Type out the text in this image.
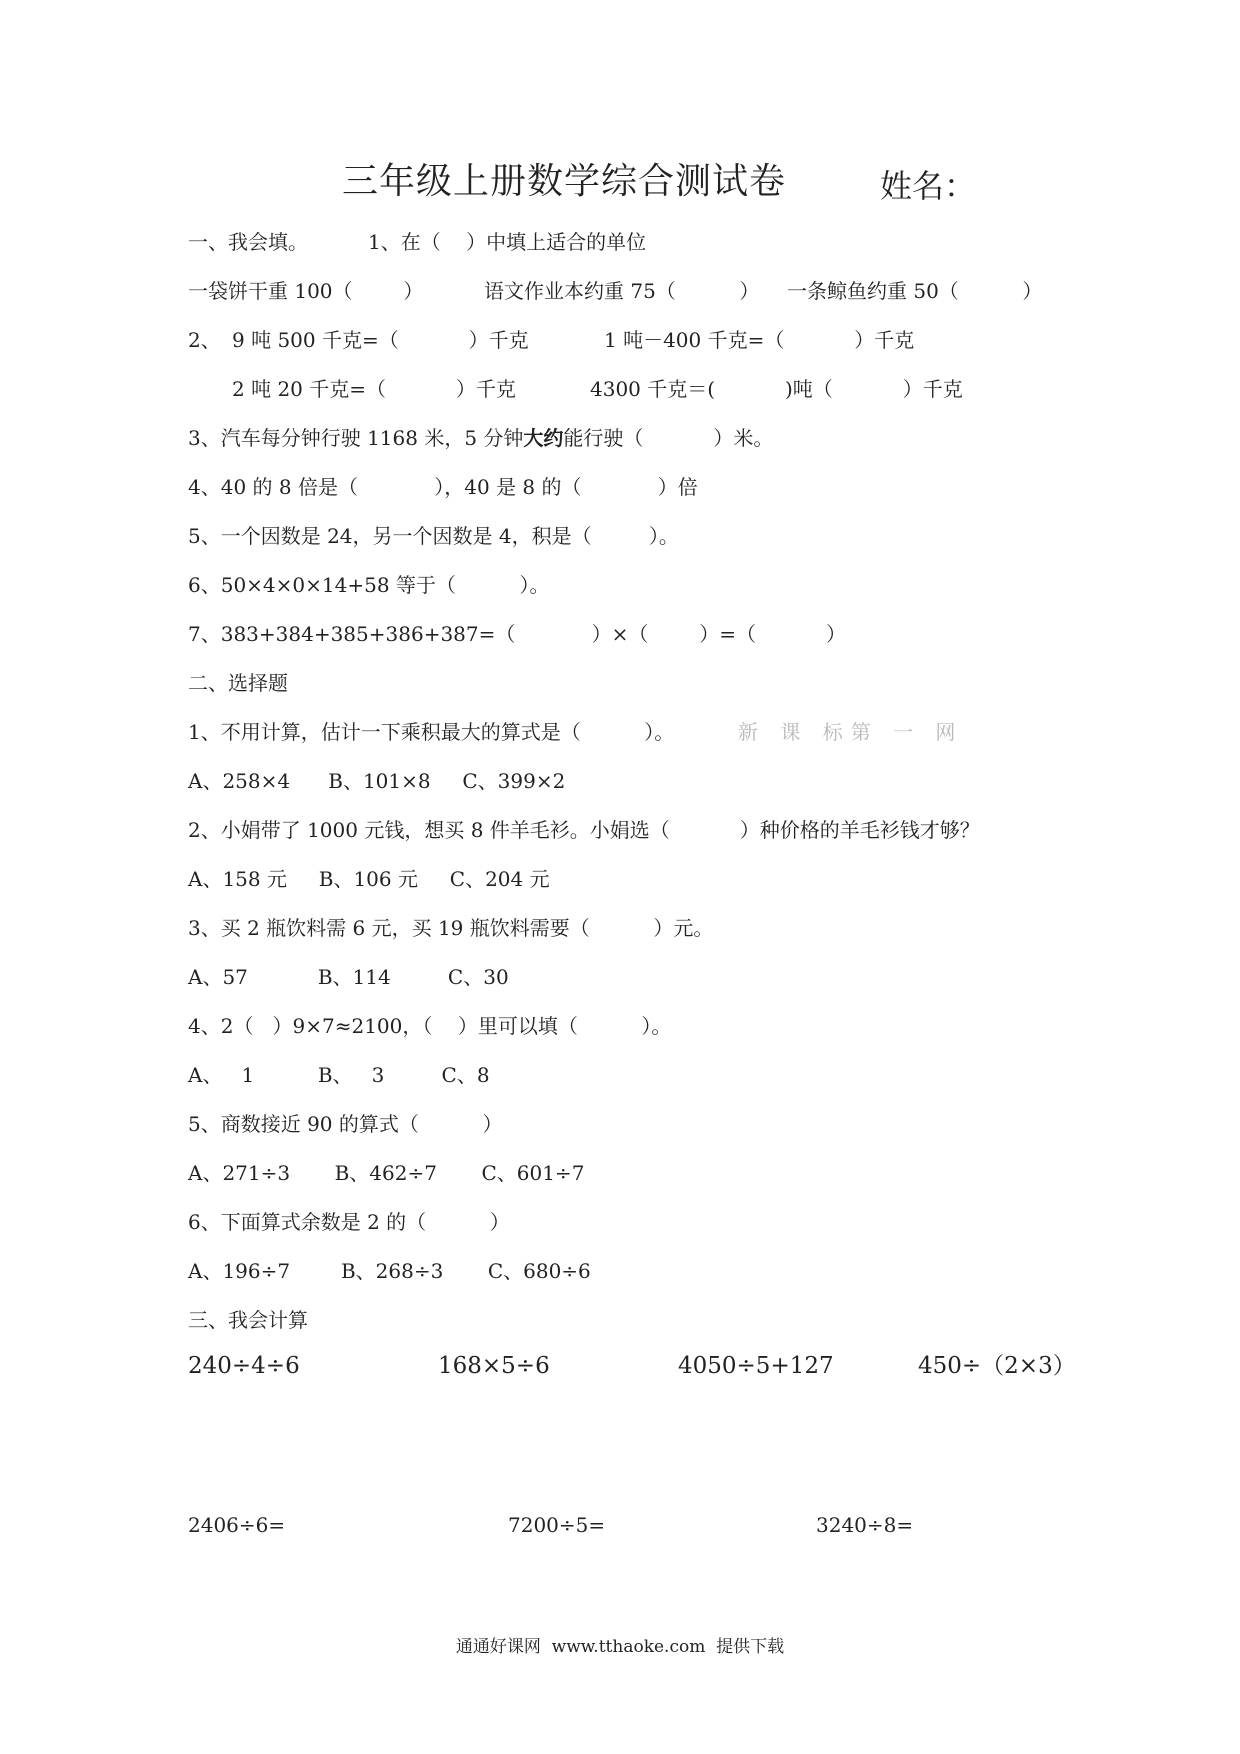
三年级上册数学综合测试卷	姓名：
一、我会填。	1、在（    ）中填上适合的单位
一袋饼干重 100（        ）	语文作业本约重 75（          ） 一条鲸鱼约重 50（          ）
2、 9 吨 500 千克=（           ）千克	1 吨－400 千克=（           ）千克
2 吨 20 千克=（           ）千克	4300 千克＝(           )吨（           ）千克
3、汽车每分钟行驶 1168 米，5 分钟大约能行驶（           ）米。
4、40 的 8 倍是（            ），40 是 8 的（            ）倍
5、一个因数是 24，另一个因数是 4，积是（         ）。
6、50×4×0×14+58 等于（          ）。
7、383+384+385+386+387=（            ）×（        ）=（           ）
二、选择题
1、不用计算，估计一下乘积最大的算式是（          ）。	新 课 标第 一 网
A、258×4      B、101×8     C、399×2
2、小娟带了 1000 元钱，想买 8 件羊毛衫。小娟选（           ）种价格的羊毛衫钱才够？
A、158 元     B、106 元     C、204 元
3、买 2 瓶饮料需 6 元，买 19 瓶饮料需要（          ）元。
A、57           B、114         C、30
4、2（   ）9×7≈2100，（    ）里可以填（          ）。
A、   1          B、   3         C、8
5、商数接近 90 的算式（          ）
A、271÷3       B、462÷7       C、601÷7
6、下面算式余数是 2 的（          ）
A、196÷7        B、268÷3       C、680÷6
三、我会计算
240÷4÷6	168×5÷6	4050÷5+127	450÷（2×3）
2406÷6=	7200÷5=	3240÷8=
通通好课网  www.tthaoke.com  提供下载
